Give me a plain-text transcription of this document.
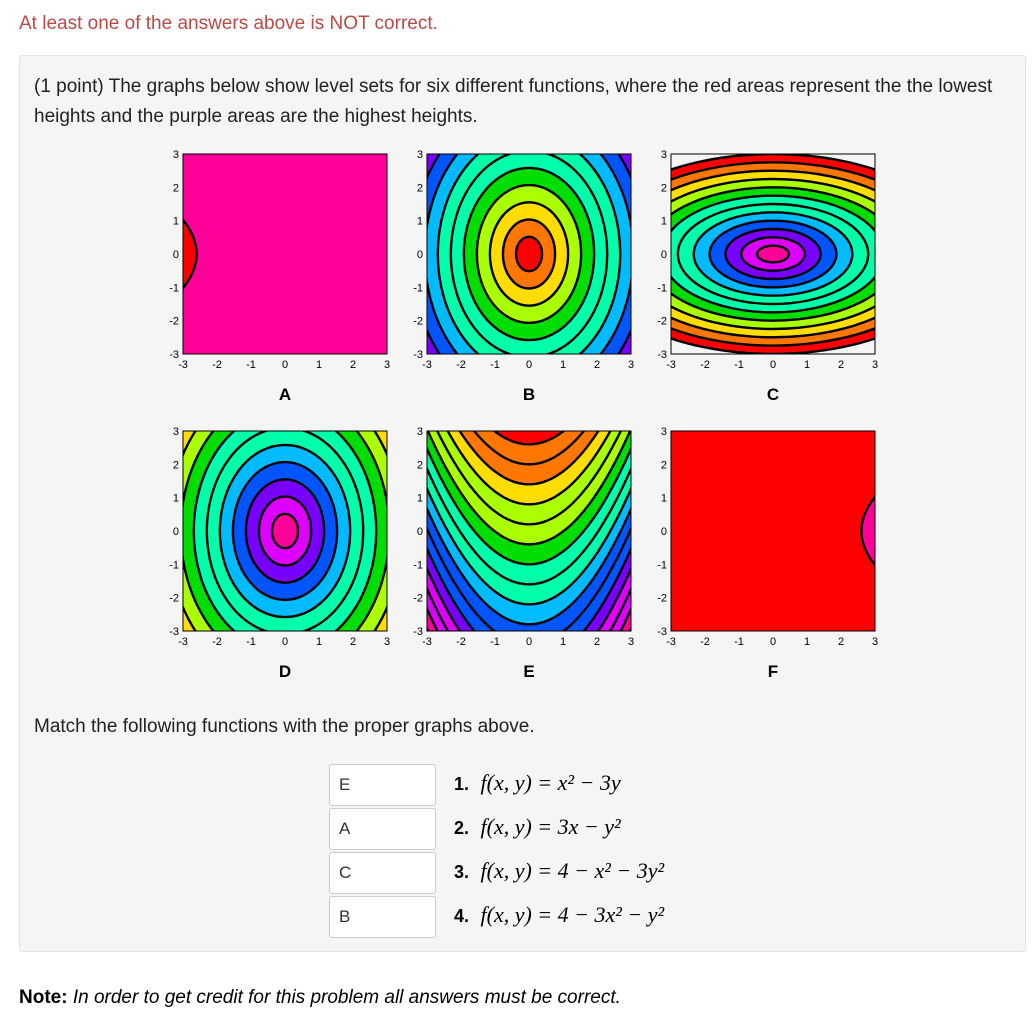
At least one of the answers above is NOT correct.
(1 point) The graphs below show level sets for six different functions, where the red areas represent the the lowest heights and the purple areas are the highest heights.
-3
-3
-2
-2
-1
-1
0
0
1
1
2
2
3
3
A
-3
-3
-2
-2
-1
-1
0
0
1
1
2
2
3
3
B
-3
-3
-2
-2
-1
-1
0
0
1
1
2
2
3
3
C
-3
-3
-2
-2
-1
-1
0
0
1
1
2
2
3
3
D
-3
-3
-2
-2
-1
-1
0
0
1
1
2
2
3
3
E
-3
-3
-2
-2
-1
-1
0
0
1
1
2
2
3
3
F
Match the following functions with the proper graphs above.
E
1. f(x, y) = x² − 3y
A
2. f(x, y) = 3x − y²
C
3. f(x, y) = 4 − x² − 3y²
B
4. f(x, y) = 4 − 3x² − y²
Note: In order to get credit for this problem all answers must be correct.
